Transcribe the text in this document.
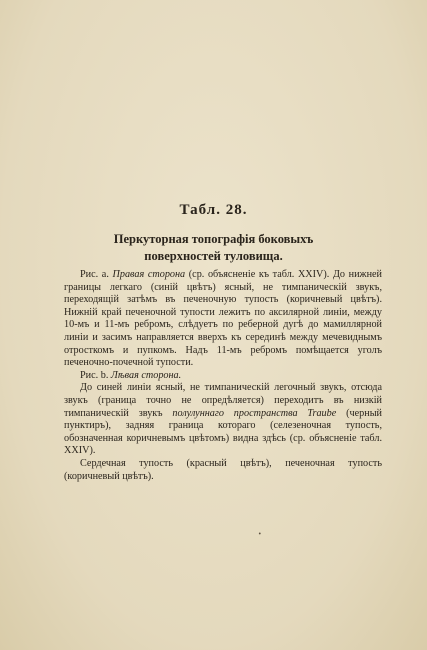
Табл. 28.
Перкуторная топографія боковыхъ поверхностей туловища.

Рис. a. Правая сторона (ср. объясненіе къ табл. XXIV). До нижней границы легкаго (синій цвѣтъ) ясный, не тимпаническій звукъ, переходящій затѣмъ въ печеночную тупость (коричневый цвѣтъ). Нижній край печеночной тупости лежитъ по аксилярной линіи, между 10-мъ и 11-мъ ребромъ, слѣдуетъ по реберной дугѣ до мамиллярной линіи и засимъ направляется вверхъ къ серединѣ между мечевиднымъ отросткомъ и пупкомъ. Надъ 11-мъ ребромъ помѣщается уголъ печеночно-почечной тупости.

Рис. b. Лѣвая сторона.

До синей линіи ясный, не тимпаническій легочный звукъ, отсюда звукъ (граница точно не опредѣляется) переходитъ въ низкій тимпаническій звукъ полулуннаго пространства Traube (черный пунктиръ), задняя граница котораго (селезеночная тупость, обозначенная коричневымъ цвѣтомъ) видна здѣсь (ср. объясненіе табл. XXIV).

Сердечная тупость (красный цвѣтъ), печеночная тупость (коричневый цвѣтъ).

•
